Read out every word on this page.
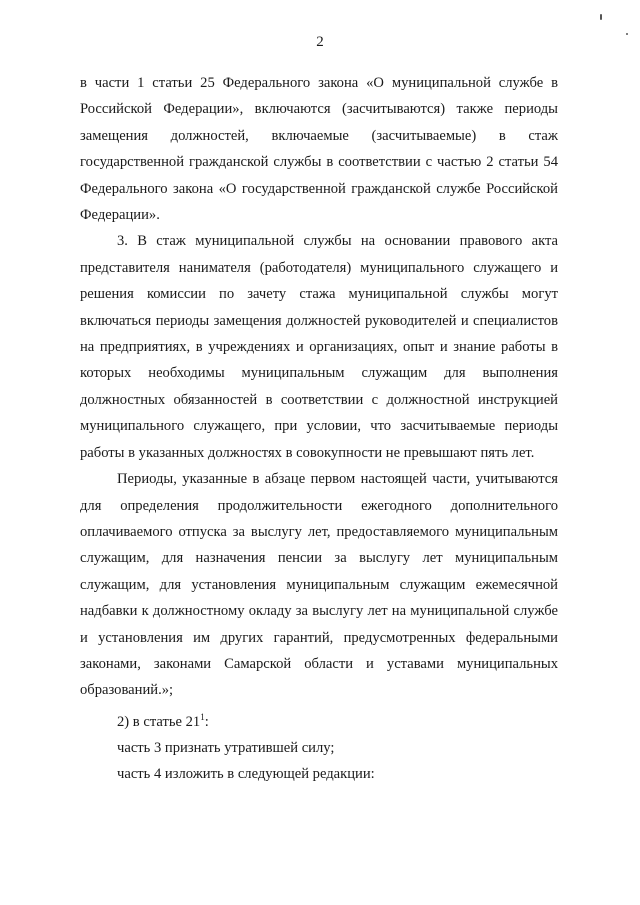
2

в части 1 статьи 25 Федерального закона «О муниципальной службе в Российской Федерации», включаются (засчитываются) также периоды замещения должностей, включаемые (засчитываемые) в стаж государственной гражданской службы в соответствии с частью 2 статьи 54 Федерального закона «О государственной гражданской службе Российской Федерации».

3. В стаж муниципальной службы на основании правового акта представителя нанимателя (работодателя) муниципального служащего и решения комиссии по зачету стажа муниципальной службы могут включаться периоды замещения должностей руководителей и специалистов на предприятиях, в учреждениях и организациях, опыт и знание работы в которых необходимы муниципальным служащим для выполнения должностных обязанностей в соответствии с должностной инструкцией муниципального служащего, при условии, что засчитываемые периоды работы в указанных должностях в совокупности не превышают пять лет.

Периоды, указанные в абзаце первом настоящей части, учитываются для определения продолжительности ежегодного дополнительного оплачиваемого отпуска за выслугу лет, предоставляемого муниципальным служащим, для назначения пенсии за выслугу лет муниципальным служащим, для установления муниципальным служащим ежемесячной надбавки к должностному окладу за выслугу лет на муниципальной службе и установления им других гарантий, предусмотренных федеральными законами, законами Самарской области и уставами муниципальных образований.»;

2) в статье $21^1$:

часть 3 признать утратившей силу;

часть 4 изложить в следующей редакции:
